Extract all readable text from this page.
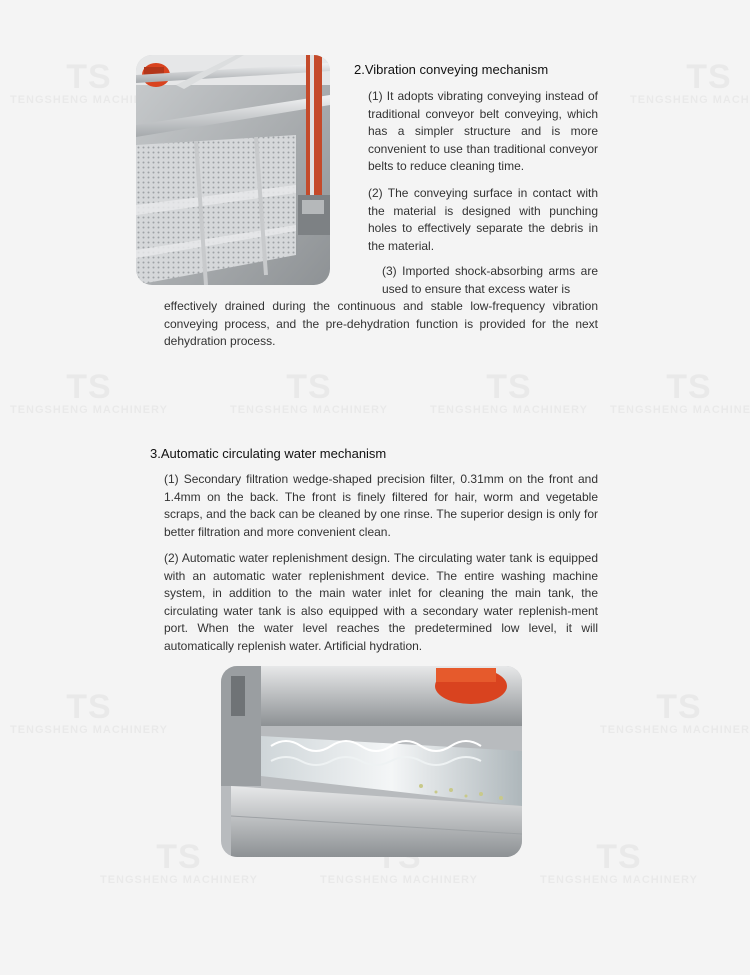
2.Vibration conveying mechanism

(1) It adopts vibrating conveying instead of traditional conveyor belt conveying, which has a simpler structure and is more convenient to use than traditional conveyor belts to reduce cleaning time.

(2) The conveying surface in contact with the material is designed with punching holes to effectively separate the debris in the material.

(3) Imported shock-absorbing arms are used to ensure that excess water is

effectively drained during the continuous and stable low-frequency vibration conveying process, and the pre-dehydration function is provided for the next dehydration process.

3.Automatic circulating water mechanism

(1) Secondary filtration wedge-shaped precision filter, 0.31mm on the front and 1.4mm on the back. The front is finely filtered for hair, worm and vegetable scraps, and the back can be cleaned by one rinse. The superior design is only for better filtration and more convenient clean.

(2) Automatic water replenishment design. The circulating water tank is equipped with an automatic water replenishment device. The entire washing machine system, in addition to the main water inlet for cleaning the main tank, the circulating water tank is also equipped with a secondary water replenish-ment port. When the water level reaches the predetermined low level, it will automatically replenish water. Artificial hydration.
